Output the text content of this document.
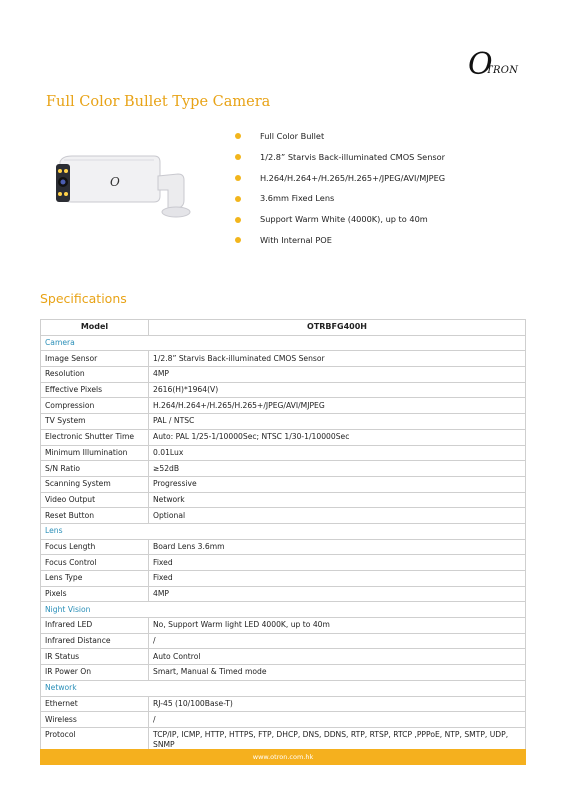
O
TRON
Full Color Bullet Type Camera
O
Full Color Bullet
1/2.8” Starvis Back-illuminated CMOS Sensor
H.264/H.264+/H.265/H.265+/JPEG/AVI/MJPEG
3.6mm Fixed Lens
Support Warm White (4000K), up to 40m
With Internal POE
Specifications
Model	OTRBFG400H
Camera	
Image Sensor	1/2.8” Starvis Back-illuminated CMOS Sensor
Resolution	4MP
Effective Pixels	2616(H)*1964(V)
Compression	H.264/H.264+/H.265/H.265+/JPEG/AVI/MJPEG
TV System	PAL / NTSC
Electronic Shutter Time	Auto: PAL 1/25-1/10000Sec; NTSC 1/30-1/10000Sec
Minimum Illumination	0.01Lux
S/N Ratio	≥52dB
Scanning System	Progressive
Video Output	Network
Reset Button	Optional
Lens	
Focus Length	Board Lens 3.6mm
Focus Control	Fixed
Lens Type	Fixed
Pixels	4MP
Night Vision	
Infrared LED	No, Support Warm light LED 4000K, up to 40m
Infrared Distance	/
IR Status	Auto Control
IR Power On	Smart, Manual & Timed mode
Network	
Ethernet	RJ-45 (10/100Base-T)
Wireless	/
Protocol	TCP/IP, ICMP, HTTP, HTTPS, FTP, DHCP, DNS, DDNS, RTP, RTSP, RTCP ,PPPoE, NTP, SMTP, UDP, SNMP
www.otron.com.hk
